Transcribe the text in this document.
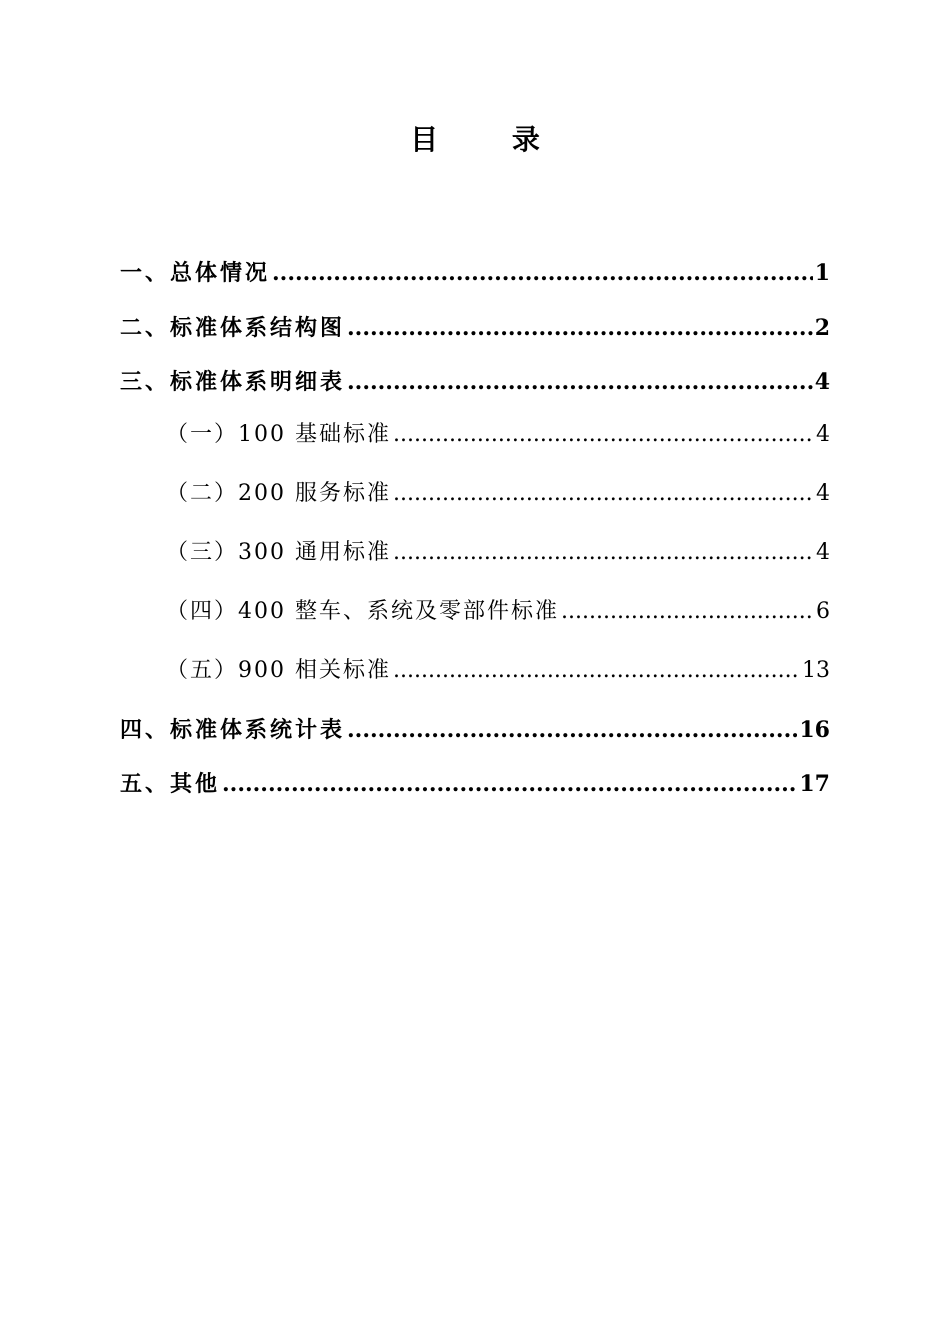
目 录
一、总体情况 .....	1
二、标准体系结构图 .....	2
三、标准体系明细表 .....	4
（一）100 基础标准 .....	4
（二）200 服务标准 .....	4
（三）300 通用标准 .....	4
（四）400 整车、系统及零部件标准 .....	6
（五）900 相关标准 .....	13
四、标准体系统计表 .....	16
五、其他 .....	17
